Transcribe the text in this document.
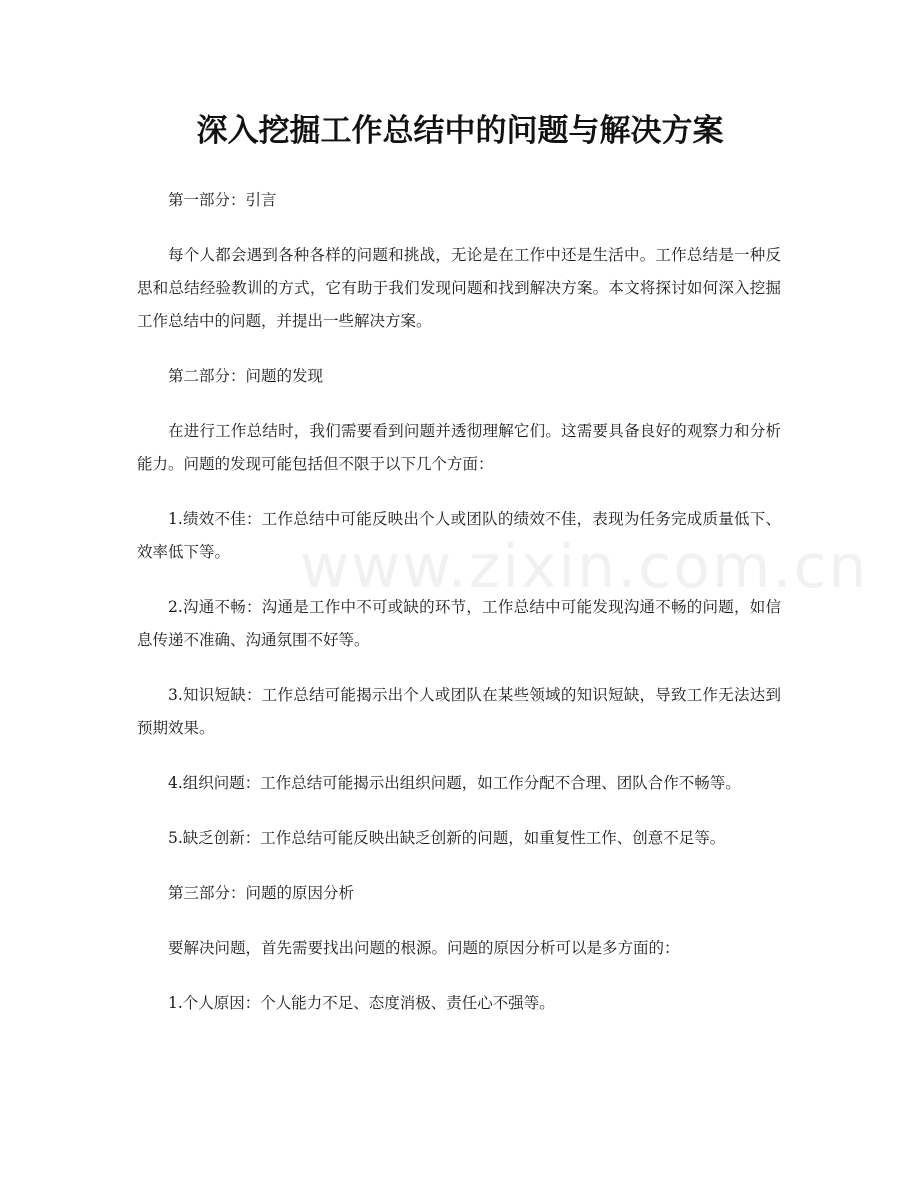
www.zixin.com.cn
深入挖掘工作总结中的问题与解决方案

第一部分：引言

每个人都会遇到各种各样的问题和挑战，无论是在工作中还是生活中。工作总结是一种反思和总结经验教训的方式，它有助于我们发现问题和找到解决方案。本文将探讨如何深入挖掘工作总结中的问题，并提出一些解决方案。

第二部分：问题的发现

在进行工作总结时，我们需要看到问题并透彻理解它们。这需要具备良好的观察力和分析能力。问题的发现可能包括但不限于以下几个方面：

1.绩效不佳：工作总结中可能反映出个人或团队的绩效不佳，表现为任务完成质量低下、效率低下等。

2.沟通不畅：沟通是工作中不可或缺的环节，工作总结中可能发现沟通不畅的问题，如信息传递不准确、沟通氛围不好等。

3.知识短缺：工作总结可能揭示出个人或团队在某些领域的知识短缺，导致工作无法达到预期效果。

4.组织问题：工作总结可能揭示出组织问题，如工作分配不合理、团队合作不畅等。

5.缺乏创新：工作总结可能反映出缺乏创新的问题，如重复性工作、创意不足等。

第三部分：问题的原因分析

要解决问题，首先需要找出问题的根源。问题的原因分析可以是多方面的：

1.个人原因：个人能力不足、态度消极、责任心不强等。
